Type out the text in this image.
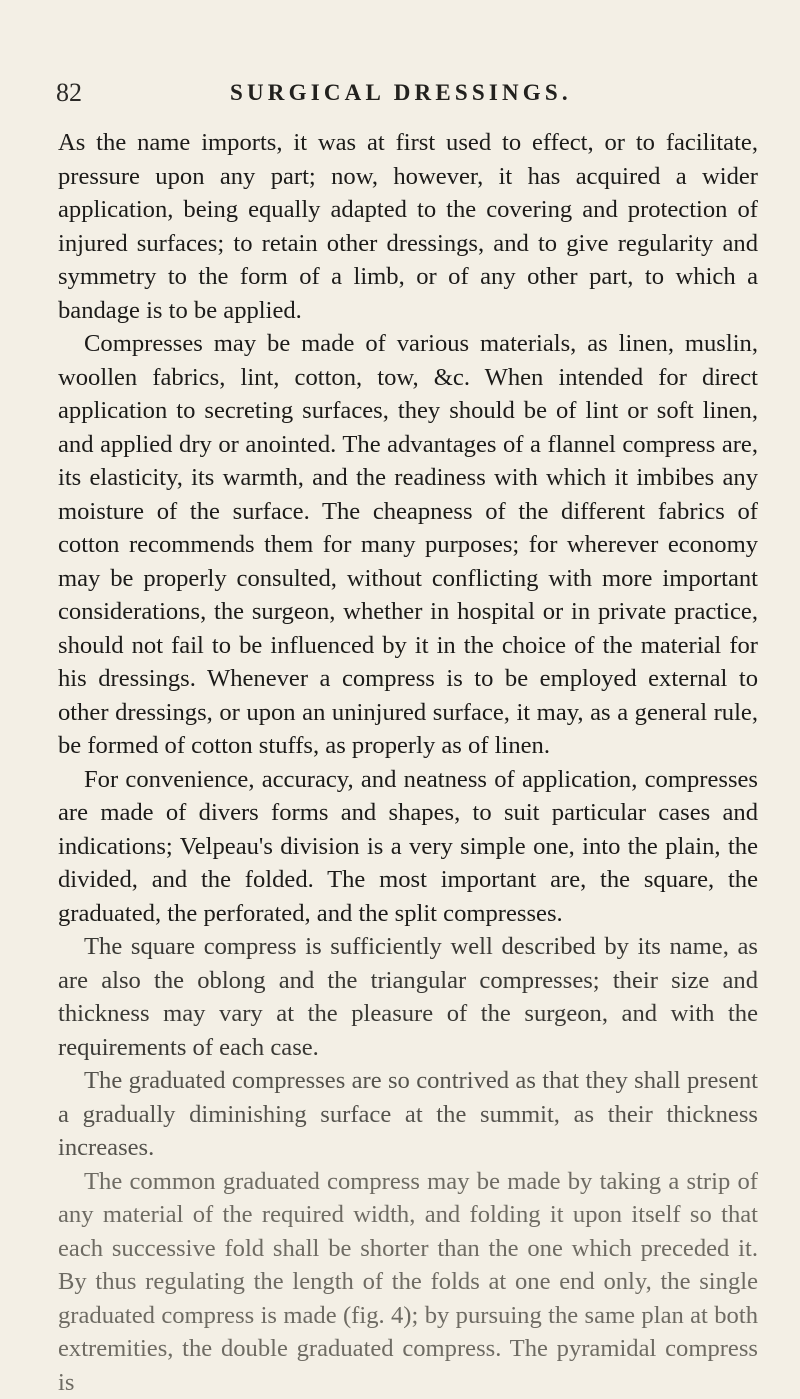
82	SURGICAL DRESSINGS.

As the name imports, it was at first used to effect, or to facilitate, pressure upon any part; now, however, it has acquired a wider application, being equally adapted to the covering and protection of injured surfaces; to retain other dressings, and to give regularity and symmetry to the form of a limb, or of any other part, to which a bandage is to be applied.

Compresses may be made of various materials, as linen, muslin, woollen fabrics, lint, cotton, tow, &c. When intended for direct application to secreting surfaces, they should be of lint or soft linen, and applied dry or anointed. The advantages of a flannel compress are, its elasticity, its warmth, and the readiness with which it imbibes any moisture of the surface. The cheapness of the different fabrics of cotton recommends them for many purposes; for wherever economy may be properly consulted, without conflicting with more important considerations, the surgeon, whether in hospital or in private practice, should not fail to be influenced by it in the choice of the material for his dressings. Whenever a compress is to be employed external to other dressings, or upon an uninjured surface, it may, as a general rule, be formed of cotton stuffs, as properly as of linen.

For convenience, accuracy, and neatness of application, compresses are made of divers forms and shapes, to suit particular cases and indications; Velpeau's division is a very simple one, into the plain, the divided, and the folded. The most important are, the square, the graduated, the perforated, and the split compresses.

The square compress is sufficiently well described by its name, as are also the oblong and the triangular compresses; their size and thickness may vary at the pleasure of the surgeon, and with the requirements of each case.

The graduated compresses are so contrived as that they shall present a gradually diminishing surface at the summit, as their thickness increases.

The common graduated compress may be made by taking a strip of any material of the required width, and folding it upon itself so that each successive fold shall be shorter than the one which preceded it. By thus regulating the length of the folds at one end only, the single graduated compress is made (fig. 4); by pursuing the same plan at both extremities, the double graduated compress. The pyramidal compress is
